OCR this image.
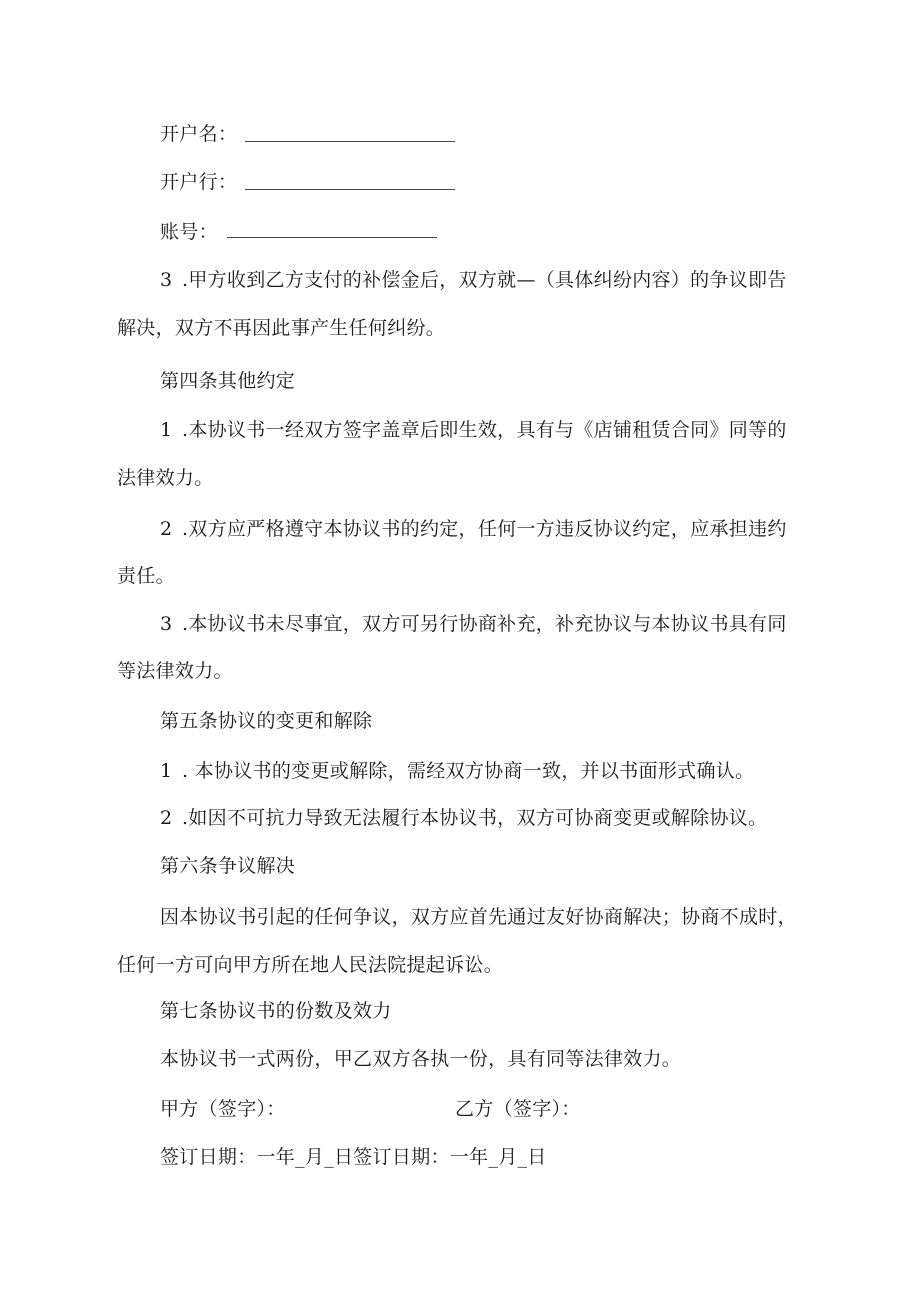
开户名：
开户行：
账号：
3 .甲方收到乙方支付的补偿金后，双方就—（具体纠纷内容）的争议即告
解决，双方不再因此事产生任何纠纷。
第四条其他约定
1 .本协议书一经双方签字盖章后即生效，具有与《店铺租赁合同》同等的
法律效力。
2 .双方应严格遵守本协议书的约定，任何一方违反协议约定，应承担违约
责任。
3 .本协议书未尽事宜，双方可另行协商补充，补充协议与本协议书具有同
等法律效力。
第五条协议的变更和解除
1 . 本协议书的变更或解除，需经双方协商一致，并以书面形式确认。
2 .如因不可抗力导致无法履行本协议书，双方可协商变更或解除协议。
第六条争议解决
因本协议书引起的任何争议，双方应首先通过友好协商解决；协商不成时，
任何一方可向甲方所在地人民法院提起诉讼。
第七条协议书的份数及效力
本协议书一式两份，甲乙双方各执一份，具有同等法律效力。
甲方（签字）：	乙方（签字）：
签订日期：一年_月_日签订日期：一年_月_日
